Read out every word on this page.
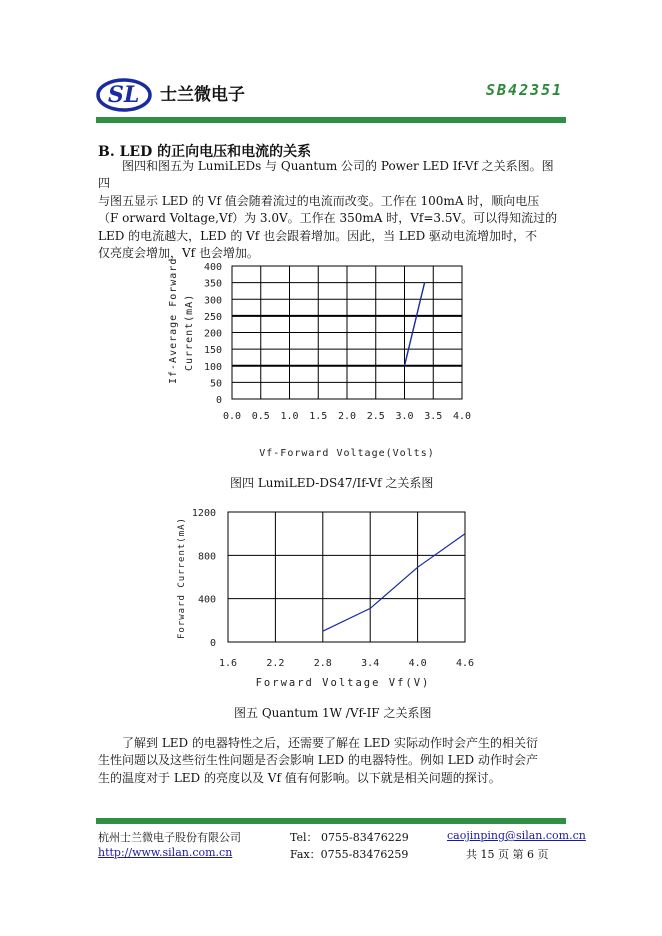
SL 士兰微电子	SB42351
B. LED 的正向电压和电流的关系
图四和图五为 LumiLEDs 与 Quantum 公司的 Power LED If-Vf 之关系图。图四
与图五显示 LED 的 Vf 值会随着流过的电流而改变。工作在 100mA 时，顺向电压
（F orward Voltage,Vf）为 3.0V。工作在 350mA 时，Vf=3.5V。可以得知流过的
LED 的电流越大，LED 的 Vf 也会跟着增加。因此，当 LED 驱动电流增加时，不
仅亮度会增加，Vf 也会增加。
400
350
300
250
200
150
100
50
0
0.0 0.5 1.0 1.5 2.0 2.5 3.0 3.5 4.0
If-Average Forward Current(mA)
Vf-Forward Voltage(Volts)
图四 LumiLED-DS47/If-Vf 之关系图
1200
800
400
0
1.6	2.2	2.8	3.4	4.0	4.6
Forward Current(mA)
Forward Voltage Vf(V)
图五 Quantum 1W /Vf-IF 之关系图
了解到 LED 的电器特性之后，还需要了解在 LED 实际动作时会产生的相关衍
生性问题以及这些衍生性问题是否会影响 LED 的电器特性。例如 LED 动作时会产
生的温度对于 LED 的亮度以及 Vf 值有何影响。以下就是相关问题的探讨。
杭州士兰微电子股份有限公司
http://www.silan.com.cn
Tel： 0755-83476229
Fax：0755-83476259
caojinping@silan.com.cn
共 15 页 第 6 页
